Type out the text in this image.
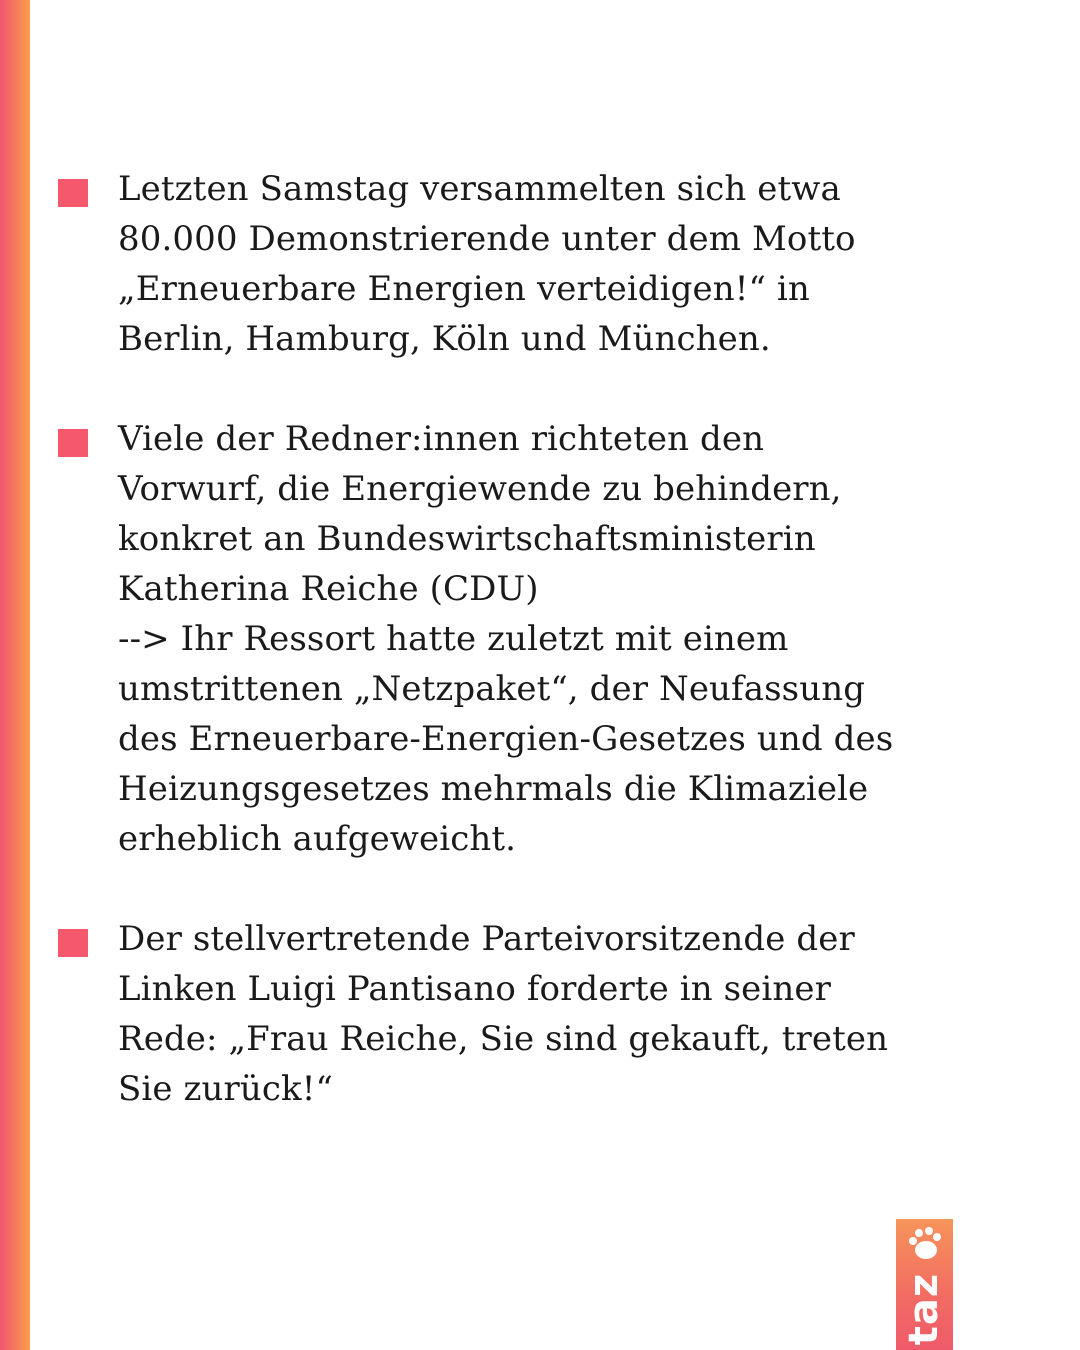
Letzten Samstag versammelten sich etwa
80.000 Demonstrierende unter dem Motto
„Erneuerbare Energien verteidigen!“ in
Berlin, Hamburg, Köln und München.
Viele der Redner:innen richteten den
Vorwurf, die Energiewende zu behindern,
konkret an Bundeswirtschaftsministerin
Katherina Reiche (CDU)
--> Ihr Ressort hatte zuletzt mit einem
umstrittenen „Netzpaket“, der Neufassung
des Erneuerbare-Energien-Gesetzes und des
Heizungsgesetzes mehrmals die Klimaziele
erheblich aufgeweicht.
Der stellvertretende Parteivorsitzende der
Linken Luigi Pantisano forderte in seiner
Rede: „Frau Reiche, Sie sind gekauft, treten
Sie zurück!“
taz
